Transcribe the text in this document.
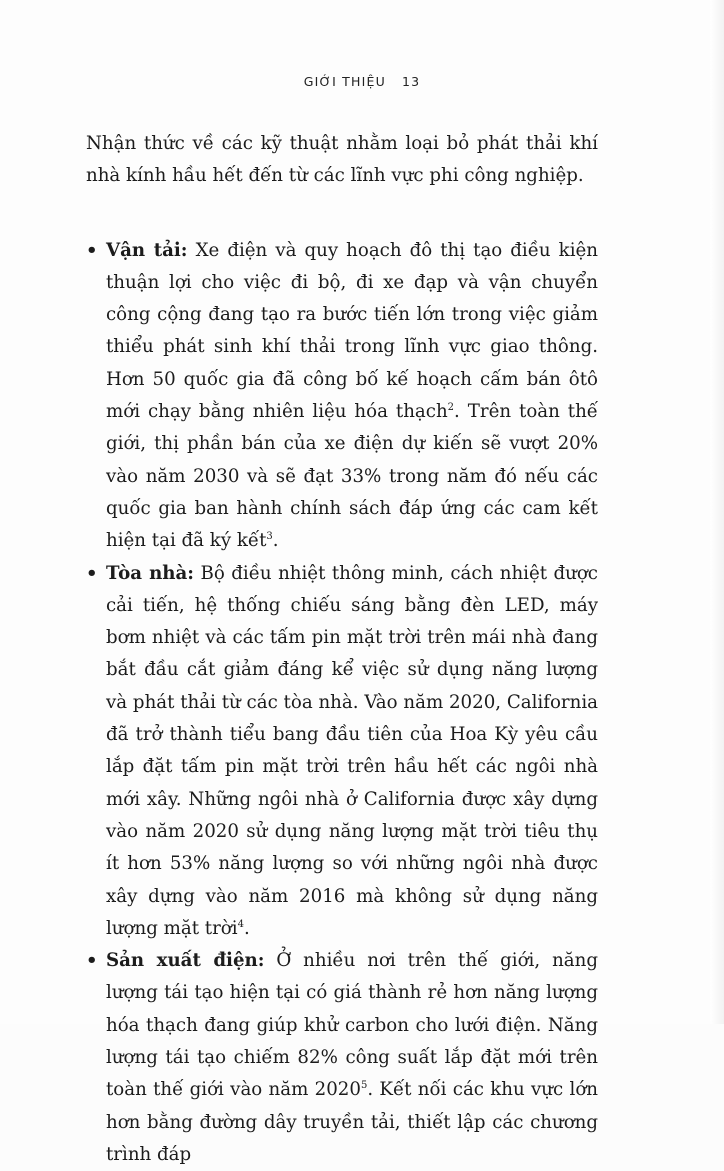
GIỚI THIỆU 13

Nhận thức về các kỹ thuật nhằm loại bỏ phát thải khí nhà kính hầu hết đến từ các lĩnh vực phi công nghiệp.

• Vận tải: Xe điện và quy hoạch đô thị tạo điều kiện thuận lợi cho việc đi bộ, đi xe đạp và vận chuyển công cộng đang tạo ra bước tiến lớn trong việc giảm thiểu phát sinh khí thải trong lĩnh vực giao thông. Hơn 50 quốc gia đã công bố kế hoạch cấm bán ôtô mới chạy bằng nhiên liệu hóa thạch$^2$. Trên toàn thế giới, thị phần bán của xe điện dự kiến sẽ vượt 20% vào năm 2030 và sẽ đạt 33% trong năm đó nếu các quốc gia ban hành chính sách đáp ứng các cam kết hiện tại đã ký kết$^3$.
• Tòa nhà: Bộ điều nhiệt thông minh, cách nhiệt được cải tiến, hệ thống chiếu sáng bằng đèn LED, máy bơm nhiệt và các tấm pin mặt trời trên mái nhà đang bắt đầu cắt giảm đáng kể việc sử dụng năng lượng và phát thải từ các tòa nhà. Vào năm 2020, California đã trở thành tiểu bang đầu tiên của Hoa Kỳ yêu cầu lắp đặt tấm pin mặt trời trên hầu hết các ngôi nhà mới xây. Những ngôi nhà ở California được xây dựng vào năm 2020 sử dụng năng lượng mặt trời tiêu thụ ít hơn 53% năng lượng so với những ngôi nhà được xây dựng vào năm 2016 mà không sử dụng năng lượng mặt trời$^4$.
• Sản xuất điện: Ở nhiều nơi trên thế giới, năng lượng tái tạo hiện tại có giá thành rẻ hơn năng lượng hóa thạch đang giúp khử carbon cho lưới điện. Năng lượng tái tạo chiếm 82% công suất lắp đặt mới trên toàn thế giới vào năm 2020$^5$. Kết nối các khu vực lớn hơn bằng đường dây truyền tải, thiết lập các chương trình đáp
